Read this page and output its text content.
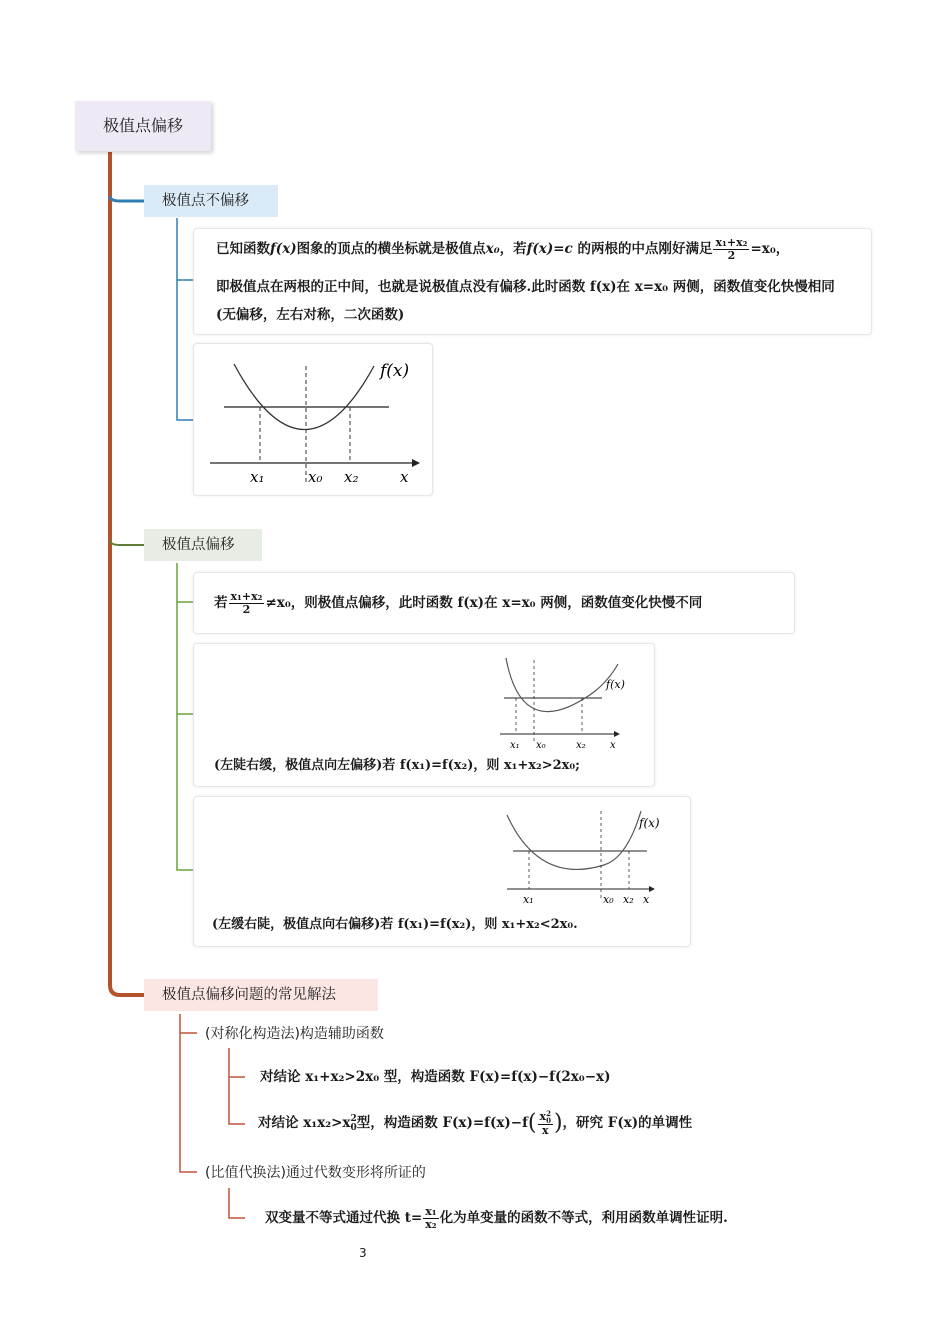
极值点偏移
极值点不偏移
已知函数f(x)图象的顶点的横坐标就是极值点x₀，若f(x)=c 的两根的中点刚好满足 $\frac{\text{x₁+x₂}}{2} =x_0$，
即极值点在两根的正中间，也就是说极值点没有偏移.此时函数 f(x)在 x=x₀ 两侧，函数值变化快慢相同
(无偏移，左右对称，二次函数)
f(x)
x₁	x₀ x₂	x
极值点偏移
若 $\frac{\text{x₁+x₂}}{2} \ne x_0$，则极值点偏移，此时函数 f(x)在 x=x₀ 两侧，函数值变化快慢不同
f(x)
x₁ x₀	x₂ x
(左陡右缓，极值点向左偏移)若 f(x₁)=f(x₂)，则 x₁+x₂>2x₀;
f(x)
x₁	x₀ x₂ x
(左缓右陡，极值点向右偏移)若 f(x₁)=f(x₂)，则 x₁+x₂<2x₀.
极值点偏移问题的常见解法
(对称化构造法)构造辅助函数
对结论 x₁+x₂>2x₀ 型，构造函数 F(x)=f(x)−f(2x₀−x)
对结论 x₁x₂>x 2
0 型，构造函数 F(x)=f(x)−f( x 2
0
x )，研究 F(x)的单调性
(比值代换法)通过代数变形将所证的
双变量不等式通过代换 $t= \frac{\text{x₁}}{\text{x₂}}$ 化为单变量的函数不等式，利用函数单调性证明.
3
